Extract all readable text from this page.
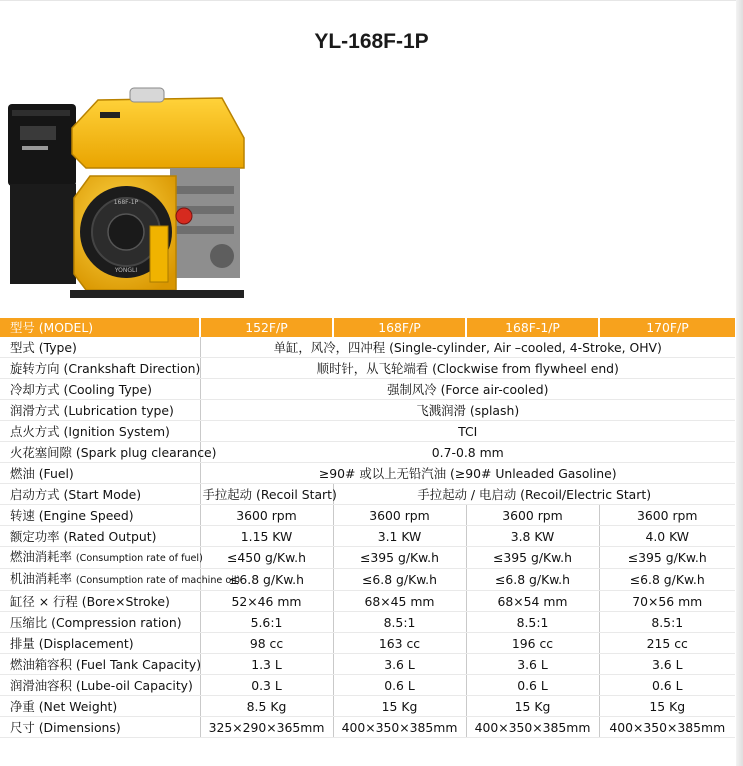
YL-168F-1P
168F-1P
YONGLI
型号 (MODEL)	152F/P	168F/P	168F-1/P	170F/P
型式 (Type)	单缸，风冷，四冲程 (Single-cylinder, Air –cooled, 4-Stroke, OHV)			
旋转方向 (Crankshaft Direction)	顺时针，从飞轮端看 (Clockwise from flywheel end)			
冷却方式 (Cooling Type)	强制风冷 (Force air-cooled)			
润滑方式 (Lubrication type)	飞溅润滑 (splash)			
点火方式 (Ignition System)	TCI			
火花塞间隙 (Spark plug clearance)	0.7-0.8 mm			
燃油 (Fuel)	≥90# 或以上无铅汽油 (≥90# Unleaded Gasoline)			
启动方式 (Start Mode)	手拉起动 (Recoil Start)	手拉起动 / 电启动 (Recoil/Electric Start)		
转速 (Engine Speed)	3600 rpm	3600 rpm	3600 rpm	3600 rpm
额定功率 (Rated Output)	1.15 KW	3.1 KW	3.8 KW	4.0 KW
燃油消耗率 (Consumption rate of fuel)	≤450 g/Kw.h	≤395 g/Kw.h	≤395 g/Kw.h	≤395 g/Kw.h
机油消耗率 (Consumption rate of machine oil)	≤6.8 g/Kw.h	≤6.8 g/Kw.h	≤6.8 g/Kw.h	≤6.8 g/Kw.h
缸径 × 行程 (Bore×Stroke)	52×46 mm	68×45 mm	68×54 mm	70×56 mm
压缩比 (Compression ration)	5.6:1	8.5:1	8.5:1	8.5:1
排量 (Displacement)	98 cc	163 cc	196 cc	215 cc
燃油箱容积 (Fuel Tank Capacity)	1.3 L	3.6 L	3.6 L	3.6 L
润滑油容积 (Lube-oil Capacity)	0.3 L	0.6 L	0.6 L	0.6 L
净重 (Net Weight)	8.5 Kg	15 Kg	15 Kg	15 Kg
尺寸 (Dimensions)	325×290×365mm	400×350×385mm	400×350×385mm	400×350×385mm
